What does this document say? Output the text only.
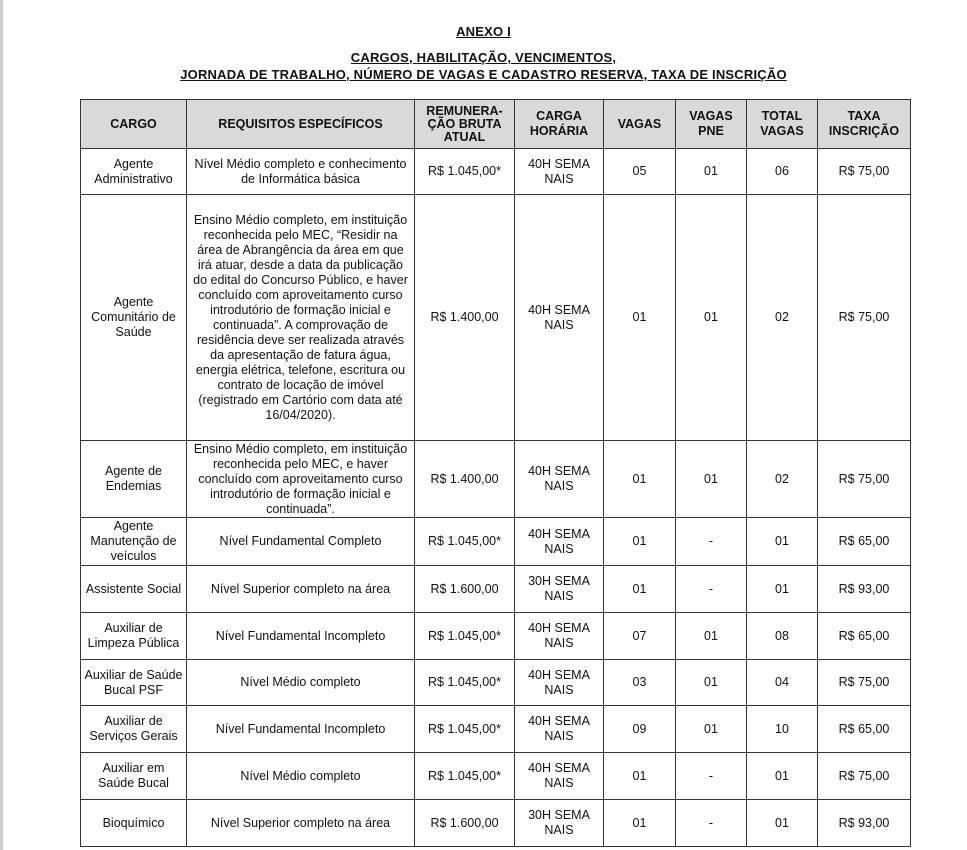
ANEXO I
CARGOS, HABILITAÇÃO, VENCIMENTOS,
JORNADA DE TRABALHO, NÚMERO DE VAGAS E CADASTRO RESERVA, TAXA DE INSCRIÇÃO
CARGO	REQUISITOS ESPECÍFICOS	REMUNERA-ÇÃO BRUTA ATUAL	CARGA HORÁRIA	VAGAS	VAGAS PNE	TOTAL VAGAS	TAXA INSCRIÇÃO
Agente Administrativo	Nível Médio completo e conhecimento de Informática básica	R$ 1.045,00*	40H SEMANAIS	05	01	06	R$ 75,00
Agente Comunitário de Saúde	Ensino Médio completo, em instituição reconhecida pelo MEC, “Residir na área de Abrangência da área em que irá atuar, desde a data da publicação do edital do Concurso Público, e haver concluído com aproveitamento curso introdutório de formação inicial e continuada”. A comprovação de residência deve ser realizada através da apresentação de fatura água, energia elétrica, telefone, escritura ou contrato de locação de imóvel (registrado em Cartório com data até 16/04/2020).	R$ 1.400,00	40H SEMANAIS	01	01	02	R$ 75,00
Agente de Endemias	Ensino Médio completo, em instituição reconhecida pelo MEC, e haver concluído com aproveitamento curso introdutório de formação inicial e continuada”.	R$ 1.400,00	40H SEMANAIS	01	01	02	R$ 75,00
Agente Manutenção de veículos	Nível Fundamental Completo	R$ 1.045,00*	40H SEMANAIS	01	-	01	R$ 65,00
Assistente Social	Nível Superior completo na área	R$ 1.600,00	30H SEMANAIS	01	-	01	R$ 93,00
Auxiliar de Limpeza Pública	Nível Fundamental Incompleto	R$ 1.045,00*	40H SEMANAIS	07	01	08	R$ 65,00
Auxiliar de Saúde Bucal PSF	Nível Médio completo	R$ 1.045,00*	40H SEMANAIS	03	01	04	R$ 75,00
Auxiliar de Serviços Gerais	Nível Fundamental Incompleto	R$ 1.045,00*	40H SEMANAIS	09	01	10	R$ 65,00
Auxiliar em Saúde Bucal	Nível Médio completo	R$ 1.045,00*	40H SEMANAIS	01	-	01	R$ 75,00
Bioquímico	Nível Superior completo na área	R$ 1.600,00	30H SEMANAIS	01	-	01	R$ 93,00
